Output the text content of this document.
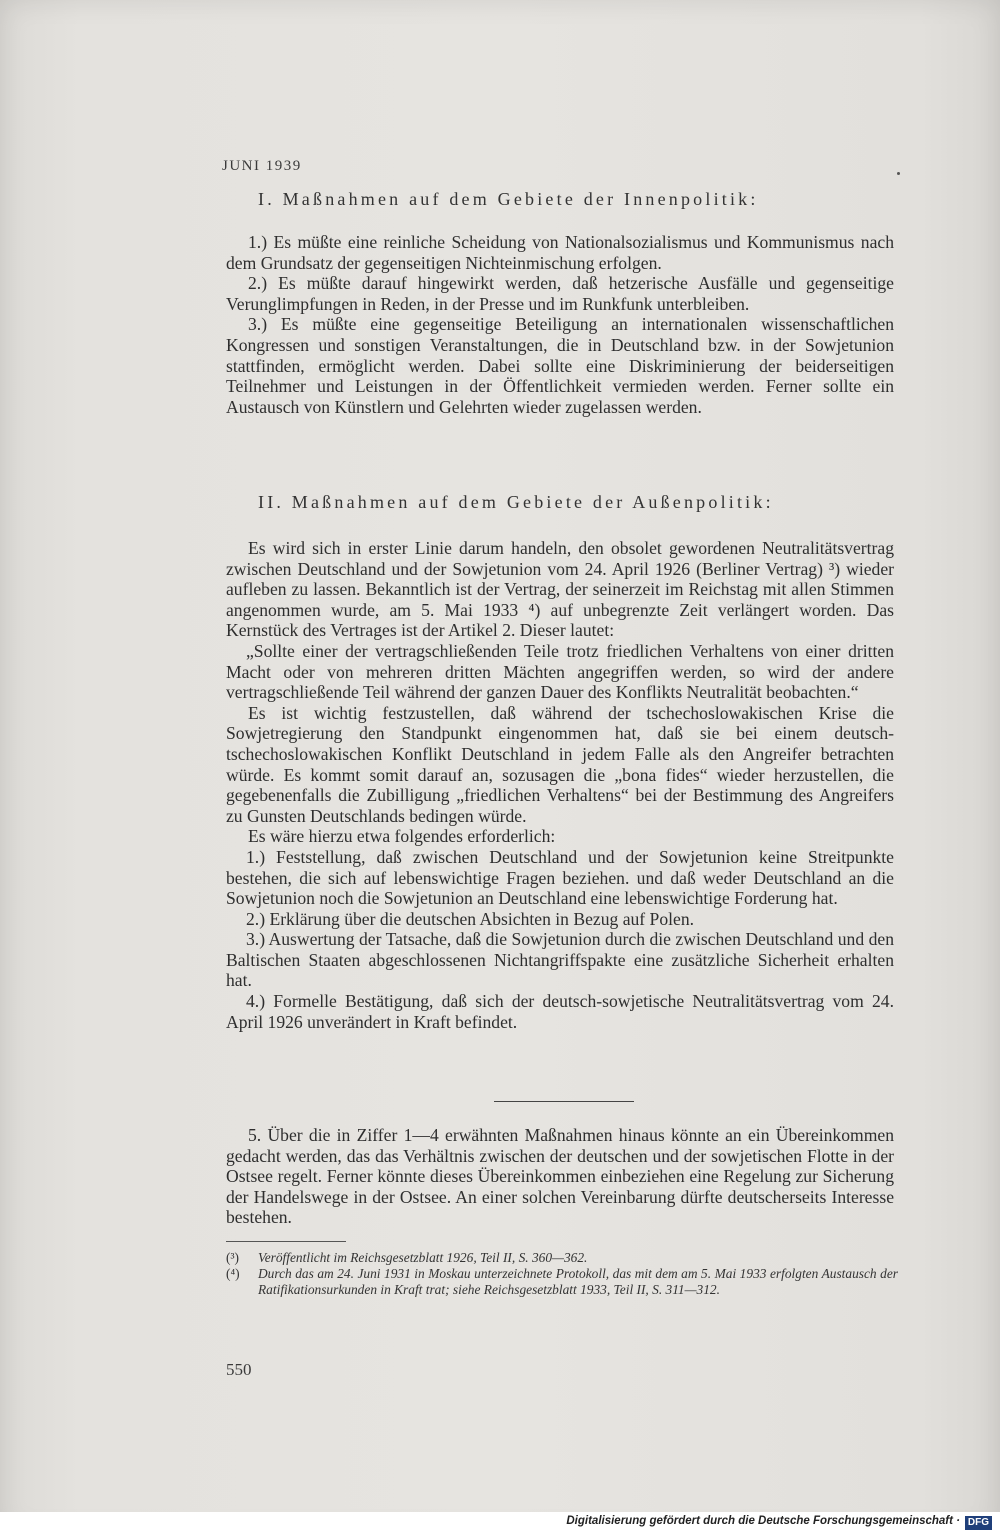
JUNI 1939
I. Maßnahmen auf dem Gebiete der Innenpolitik:

1.) Es müßte eine reinliche Scheidung von Nationalsozialismus und Kommunismus nach dem Grundsatz der gegenseitigen Nichteinmischung erfolgen.

2.) Es müßte darauf hingewirkt werden, daß hetzerische Ausfälle und gegenseitige Verunglimpfungen in Reden, in der Presse und im Runkfunk unterbleiben.

3.) Es müßte eine gegenseitige Beteiligung an internationalen wissenschaftlichen Kongressen und sonstigen Veranstaltungen, die in Deutschland bzw. in der Sowjetunion stattfinden, ermöglicht werden. Dabei sollte eine Diskriminierung der beiderseitigen Teilnehmer und Leistungen in der Öffentlichkeit vermieden werden. Ferner sollte ein Austausch von Künstlern und Gelehrten wieder zugelassen werden.

II. Maßnahmen auf dem Gebiete der Außenpolitik:

Es wird sich in erster Linie darum handeln, den obsolet gewordenen Neutralitätsvertrag zwischen Deutschland und der Sowjetunion vom 24. April 1926 (Berliner Vertrag) ³) wieder aufleben zu lassen. Bekanntlich ist der Vertrag, der seinerzeit im Reichstag mit allen Stimmen angenommen wurde, am 5. Mai 1933 ⁴) auf unbegrenzte Zeit verlängert worden. Das Kernstück des Vertrages ist der Artikel 2. Dieser lautet:

„Sollte einer der vertragschließenden Teile trotz friedlichen Verhaltens von einer dritten Macht oder von mehreren dritten Mächten angegriffen werden, so wird der andere vertragschließende Teil während der ganzen Dauer des Konflikts Neutralität beobachten.“

Es ist wichtig festzustellen, daß während der tschechoslowakischen Krise die Sowjetregierung den Standpunkt eingenommen hat, daß sie bei einem deutsch-tschechoslowakischen Konflikt Deutschland in jedem Falle als den Angreifer betrachten würde. Es kommt somit darauf an, sozusagen die „bona fides“ wieder herzustellen, die gegebenenfalls die Zubilligung „friedlichen Verhaltens“ bei der Bestimmung des Angreifers zu Gunsten Deutschlands bedingen würde.

Es wäre hierzu etwa folgendes erforderlich:

1.) Feststellung, daß zwischen Deutschland und der Sowjetunion keine Streitpunkte bestehen, die sich auf lebenswichtige Fragen beziehen. und daß weder Deutschland an die Sowjetunion noch die Sowjetunion an Deutschland eine lebenswichtige Forderung hat.

2.) Erklärung über die deutschen Absichten in Bezug auf Polen.

3.) Auswertung der Tatsache, daß die Sowjetunion durch die zwischen Deutschland und den Baltischen Staaten abgeschlossenen Nichtangriffspakte eine zusätzliche Sicherheit erhalten hat.

4.) Formelle Bestätigung, daß sich der deutsch-sowjetische Neutralitätsvertrag vom 24. April 1926 unverändert in Kraft befindet.

5. Über die in Ziffer 1—4 erwähnten Maßnahmen hinaus könnte an ein Übereinkommen gedacht werden, das das Verhältnis zwischen der deutschen und der sowjetischen Flotte in der Ostsee regelt. Ferner könnte dieses Übereinkommen einbeziehen eine Regelung zur Sicherung der Handelswege in der Ostsee. An einer solchen Vereinbarung dürfte deutscherseits Interesse bestehen.

(³)	Veröffentlicht im Reichsgesetzblatt 1926, Teil II, S. 360—362.
(⁴)	Durch das am 24. Juni 1931 in Moskau unterzeichnete Protokoll, das mit dem am 5. Mai 1933 erfolgten Austausch der Ratifikationsurkunden in Kraft trat; siehe Reichsgesetzblatt 1933, Teil II, S. 311—312.
550
Digitalisierung gefördert durch die Deutsche Forschungsgemeinschaft · DFG
